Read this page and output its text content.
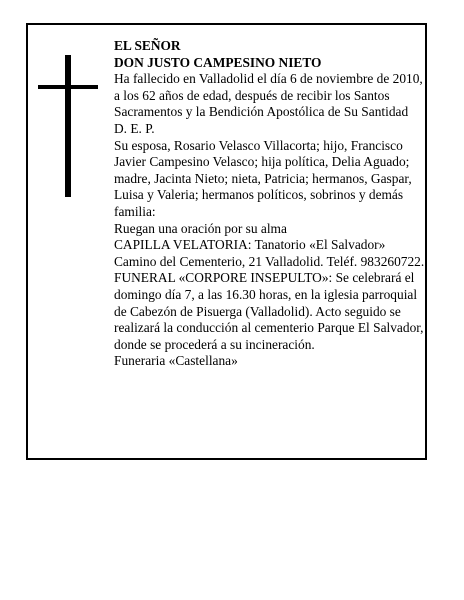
EL SEÑOR

DON JUSTO CAMPESINO NIETO

Ha fallecido en Valladolid el día 6 de noviembre de 2010, a los 62 años de edad, después de recibir los Santos Sacramentos y la Bendición Apostólica de Su Santidad

D. E. P.

Su esposa, Rosario Velasco Villacorta; hijo, Francisco Javier Campesino Velasco; hija política, Delia Aguado; madre, Jacinta Nieto; nieta, Patricia; hermanos, Gaspar, Luisa y Valeria; hermanos políticos, sobrinos y demás familia:

Ruegan una oración por su alma

CAPILLA VELATORIA: Tanatorio «El Salvador» Camino del Cementerio, 21 Valladolid. Teléf. 983260722.

FUNERAL «CORPORE INSEPULTO»: Se celebrará el domingo día 7, a las 16.30 horas, en la iglesia parroquial de Cabezón de Pisuerga (Valladolid). Acto seguido se realizará la conducción al cementerio Parque El Salvador, donde se procederá a su incineración.

Funeraria «Castellana»
